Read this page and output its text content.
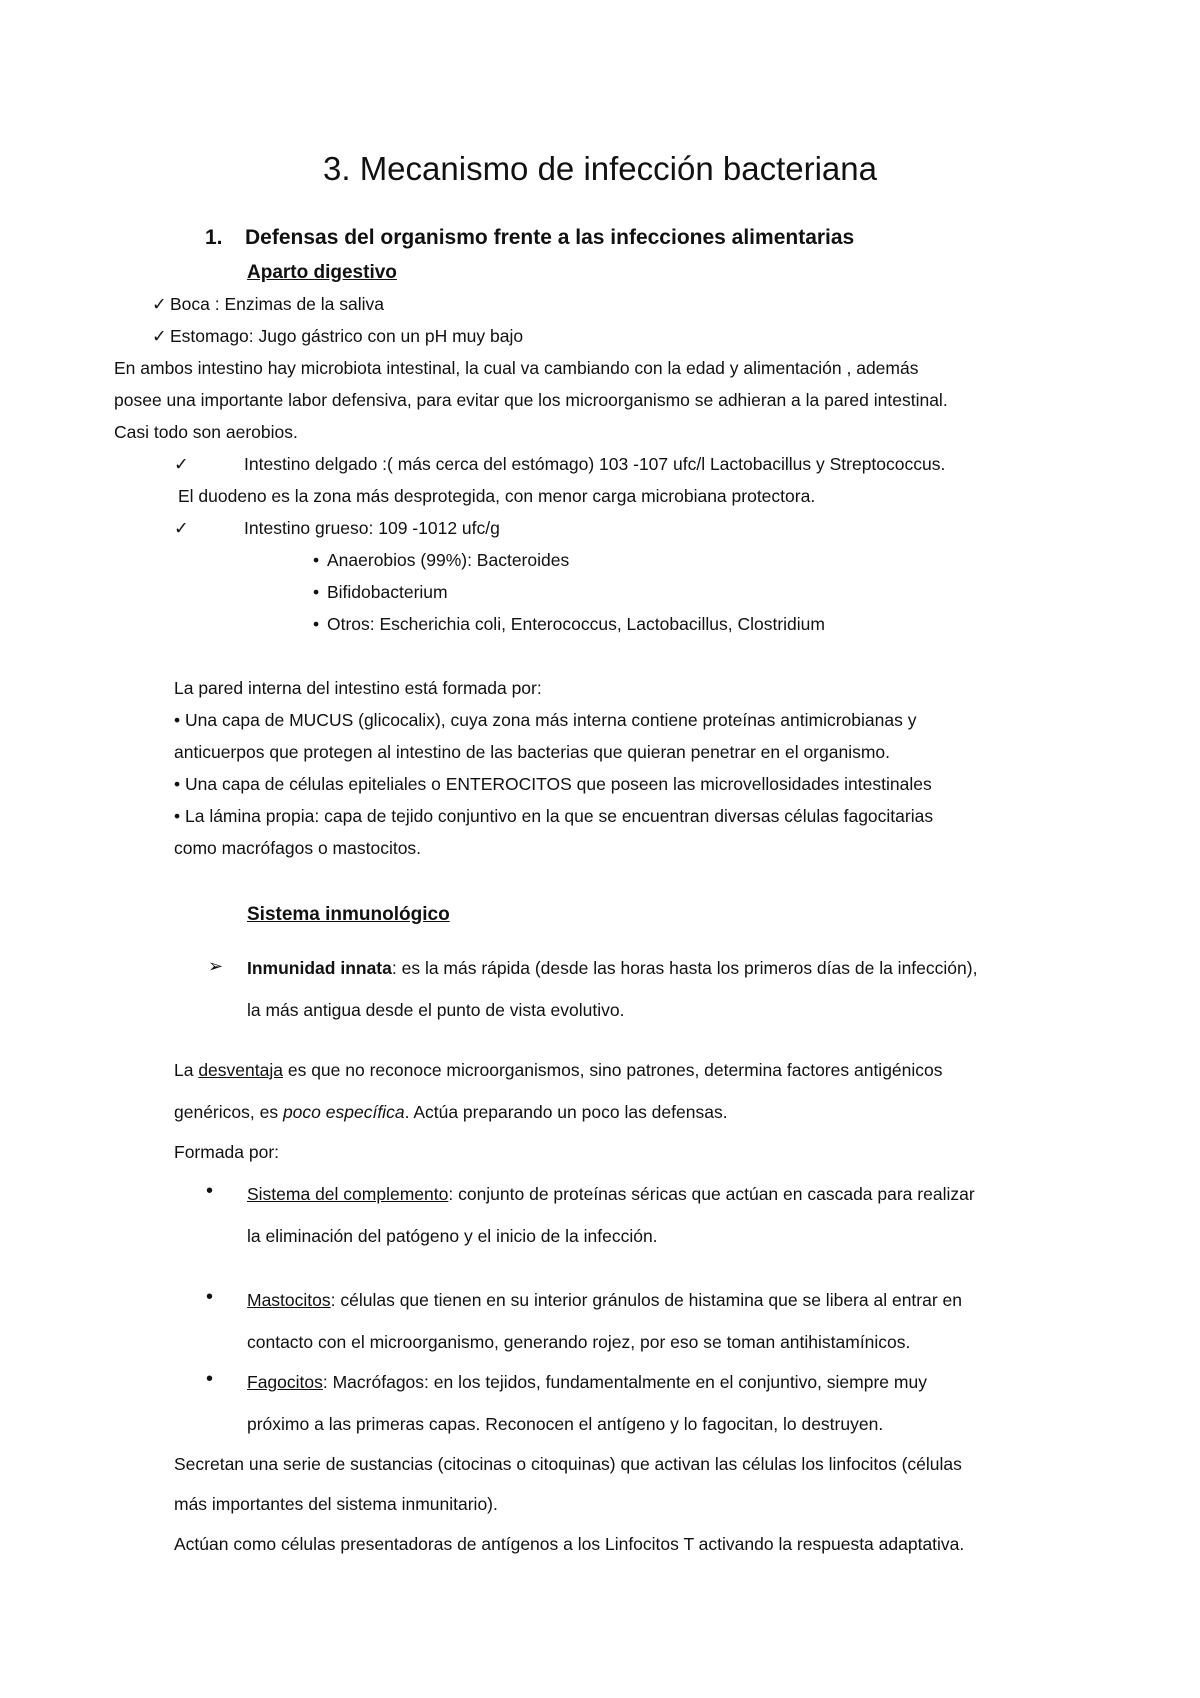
3. Mecanismo de infección bacteriana
1. Defensas del organismo frente a las infecciones alimentarias
Aparto digestivo
✓ Boca : Enzimas de la saliva
✓ Estomago: Jugo gástrico con un pH muy bajo
En ambos intestino hay microbiota intestinal, la cual va cambiando con la edad y alimentación , además
posee una importante labor defensiva, para evitar que los microorganismo se adhieran a la pared intestinal.
Casi todo son aerobios.
✓	Intestino delgado :( más cerca del estómago) 103 -107 ufc/l Lactobacillus y Streptococcus.
El duodeno es la zona más desprotegida, con menor carga microbiana protectora.
✓	Intestino grueso: 109 -1012 ufc/g
• Anaerobios (99%): Bacteroides
• Bifidobacterium
• Otros: Escherichia coli, Enterococcus, Lactobacillus, Clostridium
La pared interna del intestino está formada por:
• Una capa de MUCUS (glicocalix), cuya zona más interna contiene proteínas antimicrobianas y
anticuerpos que protegen al intestino de las bacterias que quieran penetrar en el organismo.
• Una capa de células epiteliales o ENTEROCITOS que poseen las microvellosidades intestinales
• La lámina propia: capa de tejido conjuntivo en la que se encuentran diversas células fagocitarias
como macrófagos o mastocitos.
Sistema inmunológico
➢ Inmunidad innata: es la más rápida (desde las horas hasta los primeros días de la infección),
la más antigua desde el punto de vista evolutivo.
La desventaja es que no reconoce microorganismos, sino patrones, determina factores antigénicos
genéricos, es poco específica. Actúa preparando un poco las defensas.
Formada por:
• Sistema del complemento: conjunto de proteínas séricas que actúan en cascada para realizar
la eliminación del patógeno y el inicio de la infección.
• Mastocitos: células que tienen en su interior gránulos de histamina que se libera al entrar en
contacto con el microorganismo, generando rojez, por eso se toman antihistamínicos.
• Fagocitos: Macrófagos: en los tejidos, fundamentalmente en el conjuntivo, siempre muy
próximo a las primeras capas. Reconocen el antígeno y lo fagocitan, lo destruyen.
Secretan una serie de sustancias (citocinas o citoquinas) que activan las células los linfocitos (células
más importantes del sistema inmunitario).
Actúan como células presentadoras de antígenos a los Linfocitos T activando la respuesta adaptativa.
